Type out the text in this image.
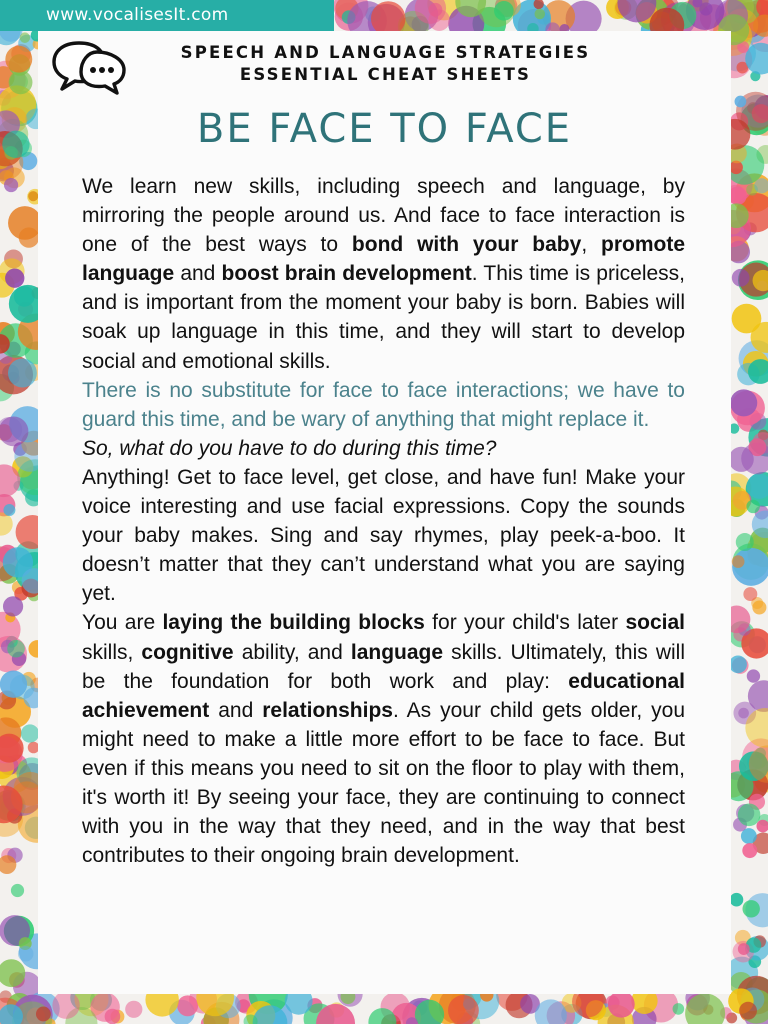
www.vocalisesIt.com
SPEECH AND LANGUAGE STRATEGIES
ESSENTIAL CHEAT SHEETS
BE FACE TO FACE

We learn new skills, including speech and language, by mirroring the people around us. And face to face interaction is one of the best ways to bond with your baby, promote language and boost brain development. This time is priceless, and is important from the moment your baby is born. Babies will soak up language in this time, and they will start to develop social and emotional skills.

There is no substitute for face to face interactions; we have to guard this time, and be wary of anything that might replace it.

So, what do you have to do during this time?

Anything! Get to face level, get close, and have fun! Make your voice interesting and use facial expressions. Copy the sounds your baby makes. Sing and say rhymes, play peek-a-boo. It doesn’t matter that they can’t understand what you are saying yet.

You are laying the building blocks for your child's later social skills, cognitive ability, and language skills. Ultimately, this will be the foundation for both work and play: educational achievement and relationships. As your child gets older, you might need to make a little more effort to be face to face. But even if this means you need to sit on the floor to play with them, it's worth it! By seeing your face, they are continuing to connect with you in the way that they need, and in the way that best contributes to their ongoing brain development.
